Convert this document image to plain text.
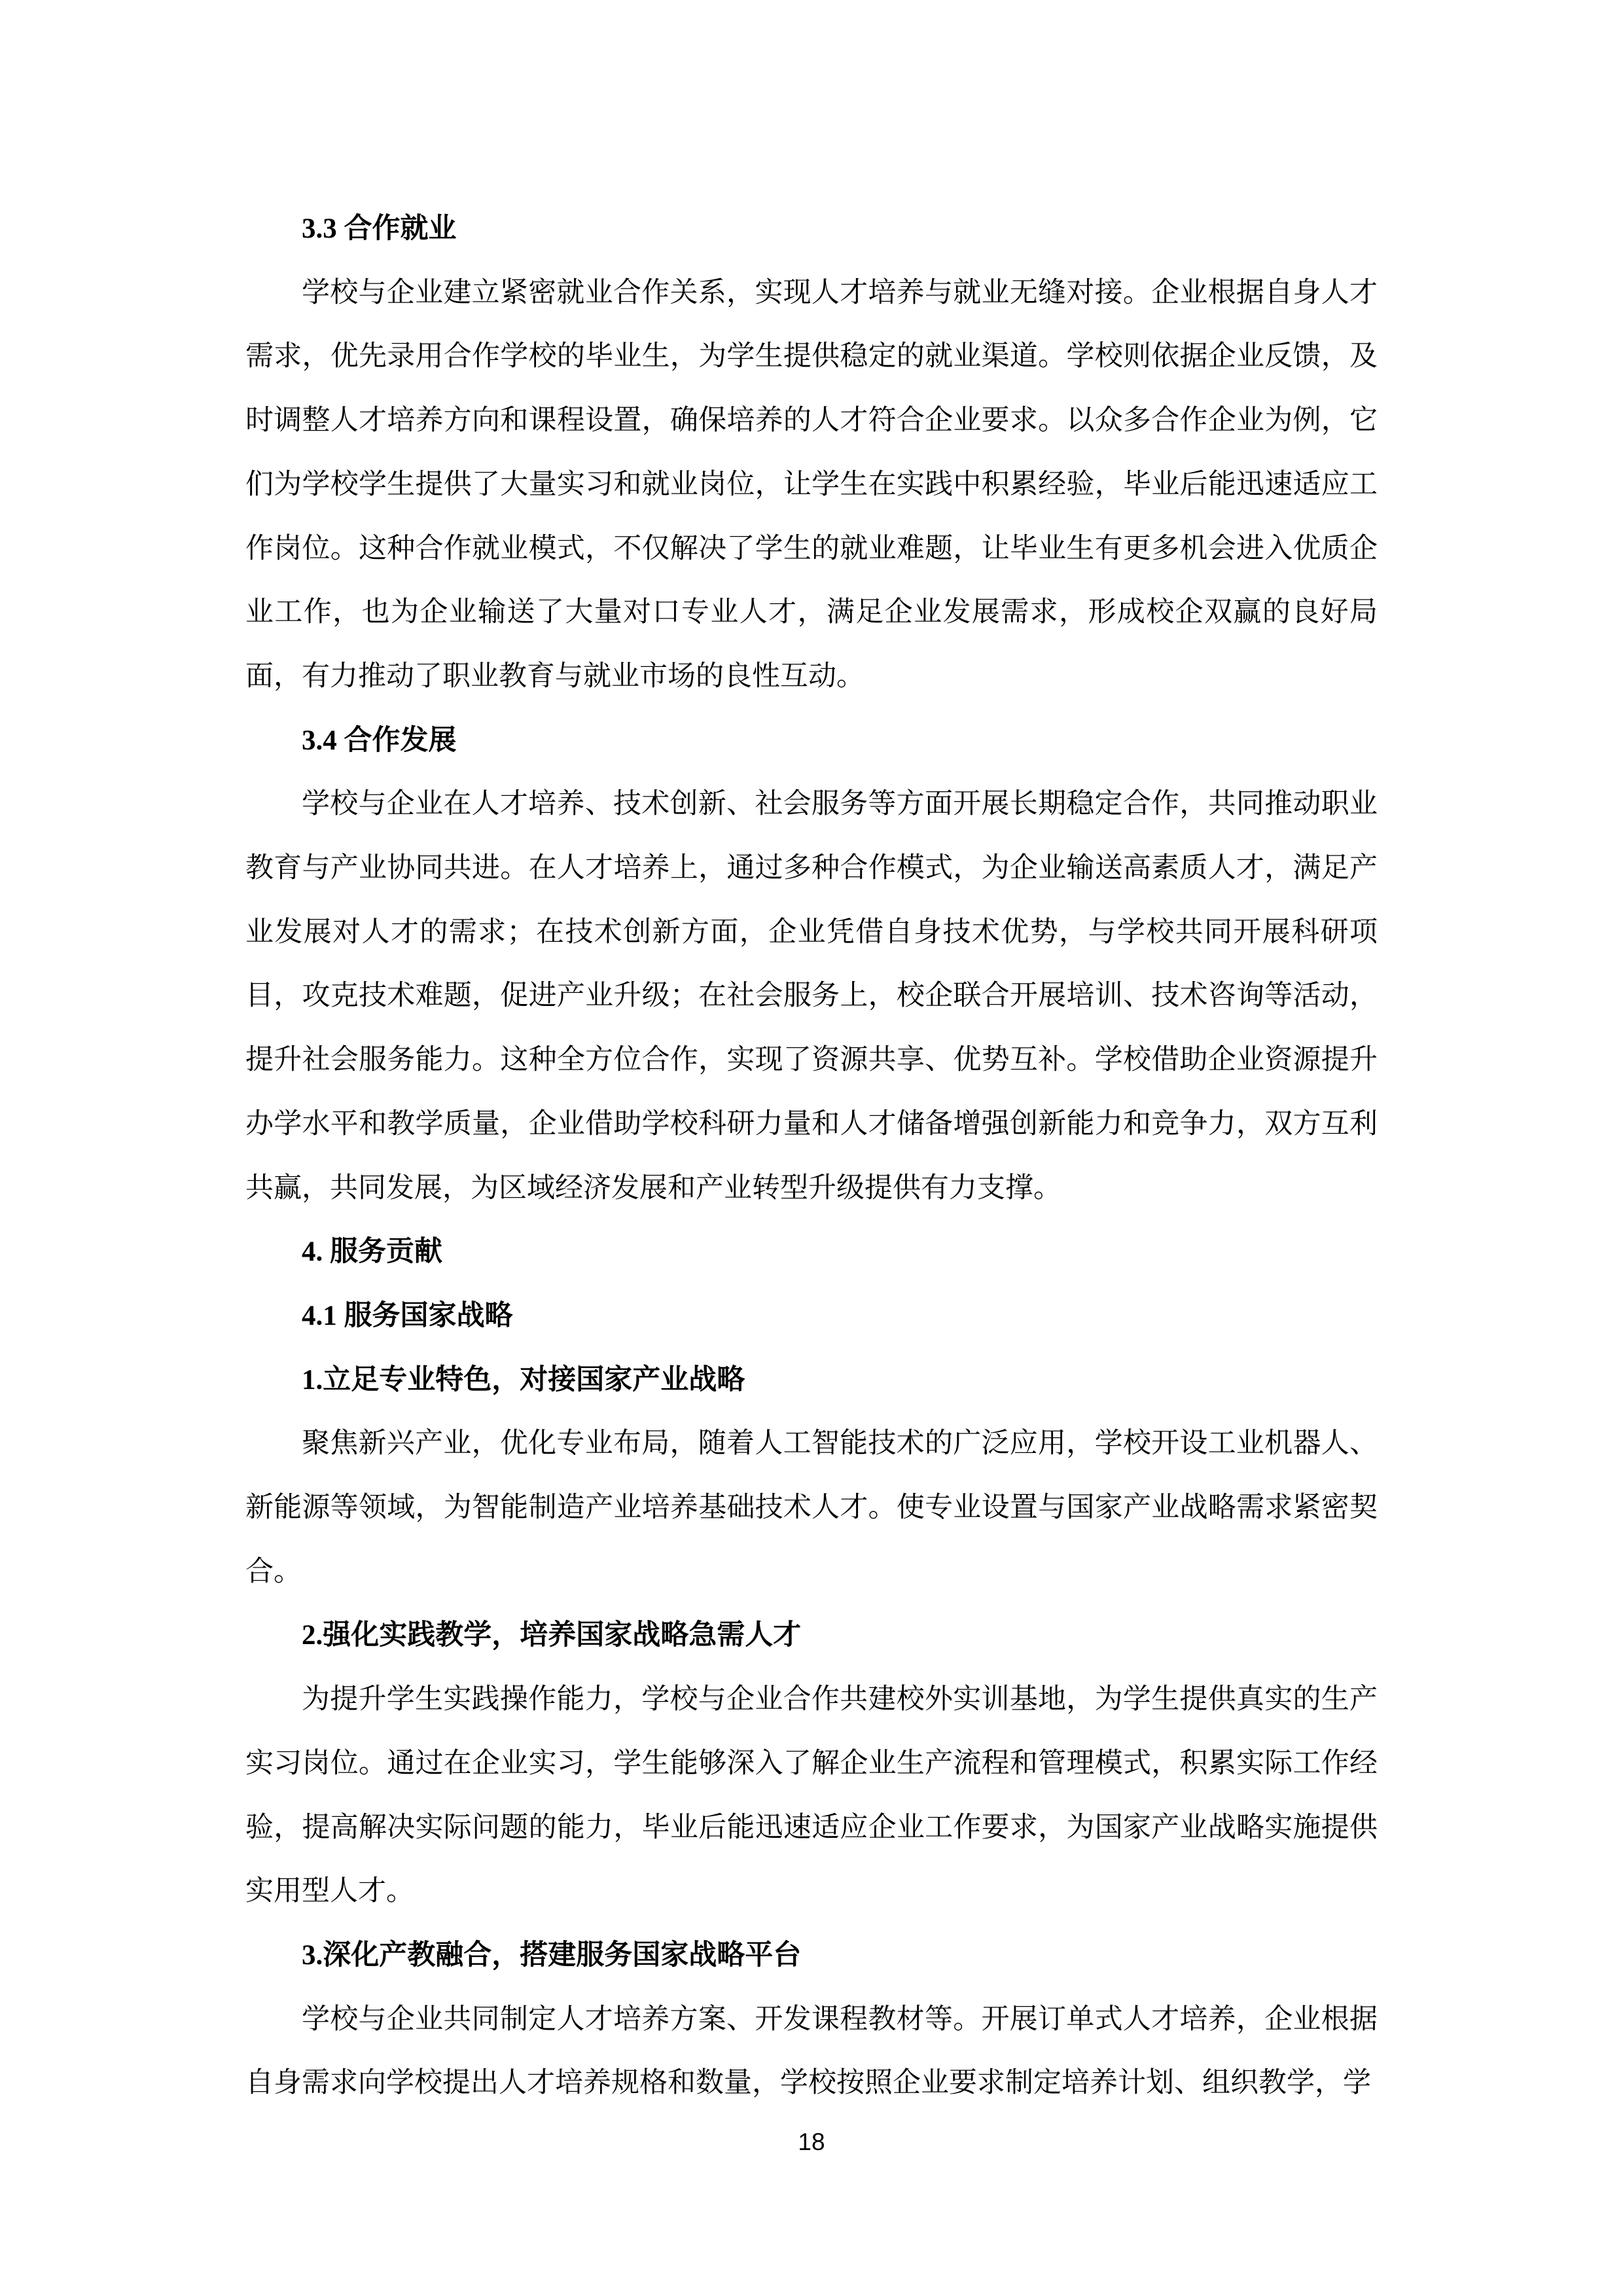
3.3 合作就业

学校与企业建立紧密就业合作关系，实现人才培养与就业无缝对接。企业根据自身人才需求，优先录用合作学校的毕业生，为学生提供稳定的就业渠道。学校则依据企业反馈，及时调整人才培养方向和课程设置，确保培养的人才符合企业要求。以众多合作企业为例，它们为学校学生提供了大量实习和就业岗位，让学生在实践中积累经验，毕业后能迅速适应工作岗位。这种合作就业模式，不仅解决了学生的就业难题，让毕业生有更多机会进入优质企业工作，也为企业输送了大量对口专业人才，满足企业发展需求，形成校企双赢的良好局面，有力推动了职业教育与就业市场的良性互动。

3.4 合作发展

学校与企业在人才培养、技术创新、社会服务等方面开展长期稳定合作，共同推动职业教育与产业协同共进。在人才培养上，通过多种合作模式，为企业输送高素质人才，满足产业发展对人才的需求；在技术创新方面，企业凭借自身技术优势，与学校共同开展科研项目，攻克技术难题，促进产业升级；在社会服务上，校企联合开展培训、技术咨询等活动，提升社会服务能力。这种全方位合作，实现了资源共享、优势互补。学校借助企业资源提升办学水平和教学质量，企业借助学校科研力量和人才储备增强创新能力和竞争力，双方互利共赢，共同发展，为区域经济发展和产业转型升级提供有力支撑。

4. 服务贡献

4.1 服务国家战略

1.立足专业特色，对接国家产业战略

聚焦新兴产业，优化专业布局，随着人工智能技术的广泛应用，学校开设工业机器人、新能源等领域，为智能制造产业培养基础技术人才。使专业设置与国家产业战略需求紧密契合。

2.强化实践教学，培养国家战略急需人才

为提升学生实践操作能力，学校与企业合作共建校外实训基地，为学生提供真实的生产实习岗位。通过在企业实习，学生能够深入了解企业生产流程和管理模式，积累实际工作经验，提高解决实际问题的能力，毕业后能迅速适应企业工作要求，为国家产业战略实施提供实用型人才。

3.深化产教融合，搭建服务国家战略平台

学校与企业共同制定人才培养方案、开发课程教材等。开展订单式人才培养，企业根据自身需求向学校提出人才培养规格和数量，学校按照企业要求制定培养计划、组织教学，学

18
